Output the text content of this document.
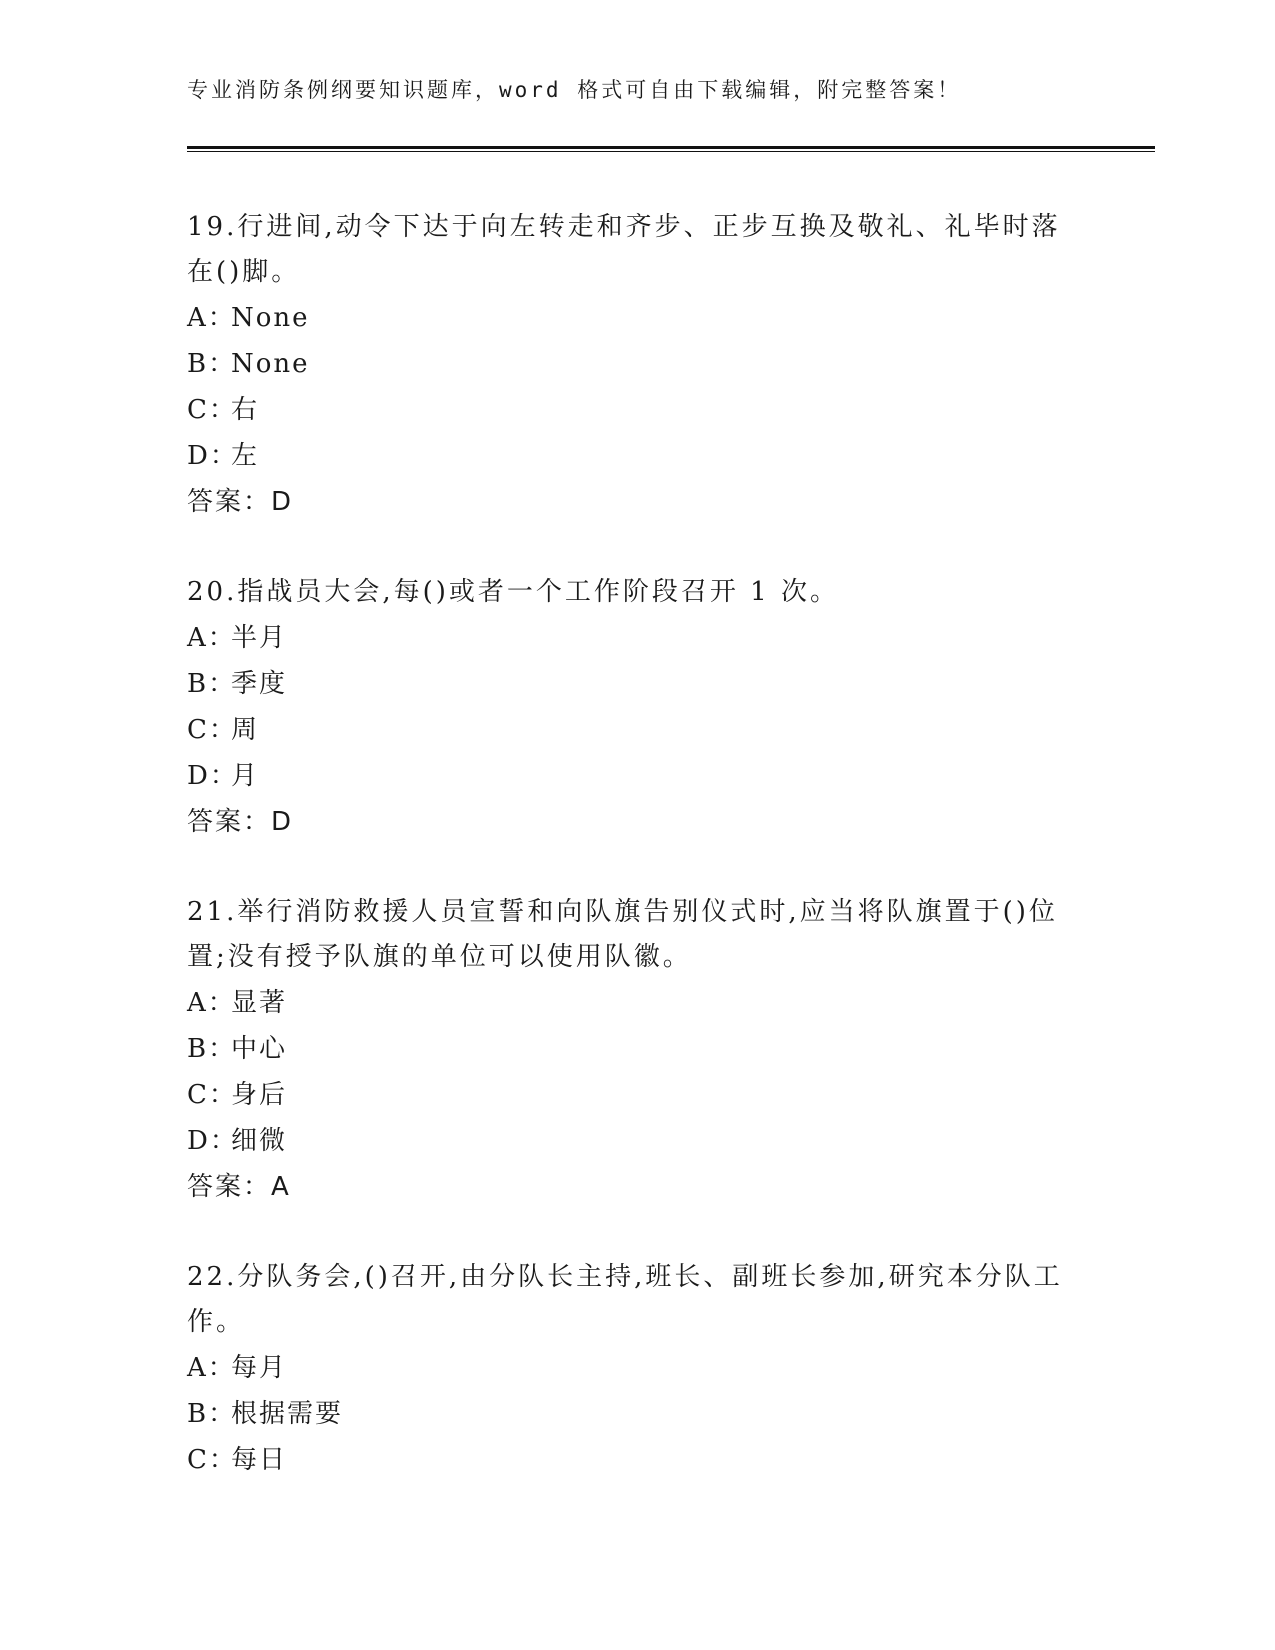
专业消防条例纲要知识题库，word 格式可自由下载编辑，附完整答案！
19.行进间,动令下达于向左转走和齐步、正步互换及敬礼、礼毕时落在()脚。
A：None
B：None
C：右
D：左
答案：D
20.指战员大会,每()或者一个工作阶段召开 1 次。
A：半月
B：季度
C：周
D：月
答案：D
21.举行消防救援人员宣誓和向队旗告别仪式时,应当将队旗置于()位置;没有授予队旗的单位可以使用队徽。
A：显著
B：中心
C：身后
D：细微
答案：A
22.分队务会,()召开,由分队长主持,班长、副班长参加,研究本分队工作。
A：每月
B：根据需要
C：每日
